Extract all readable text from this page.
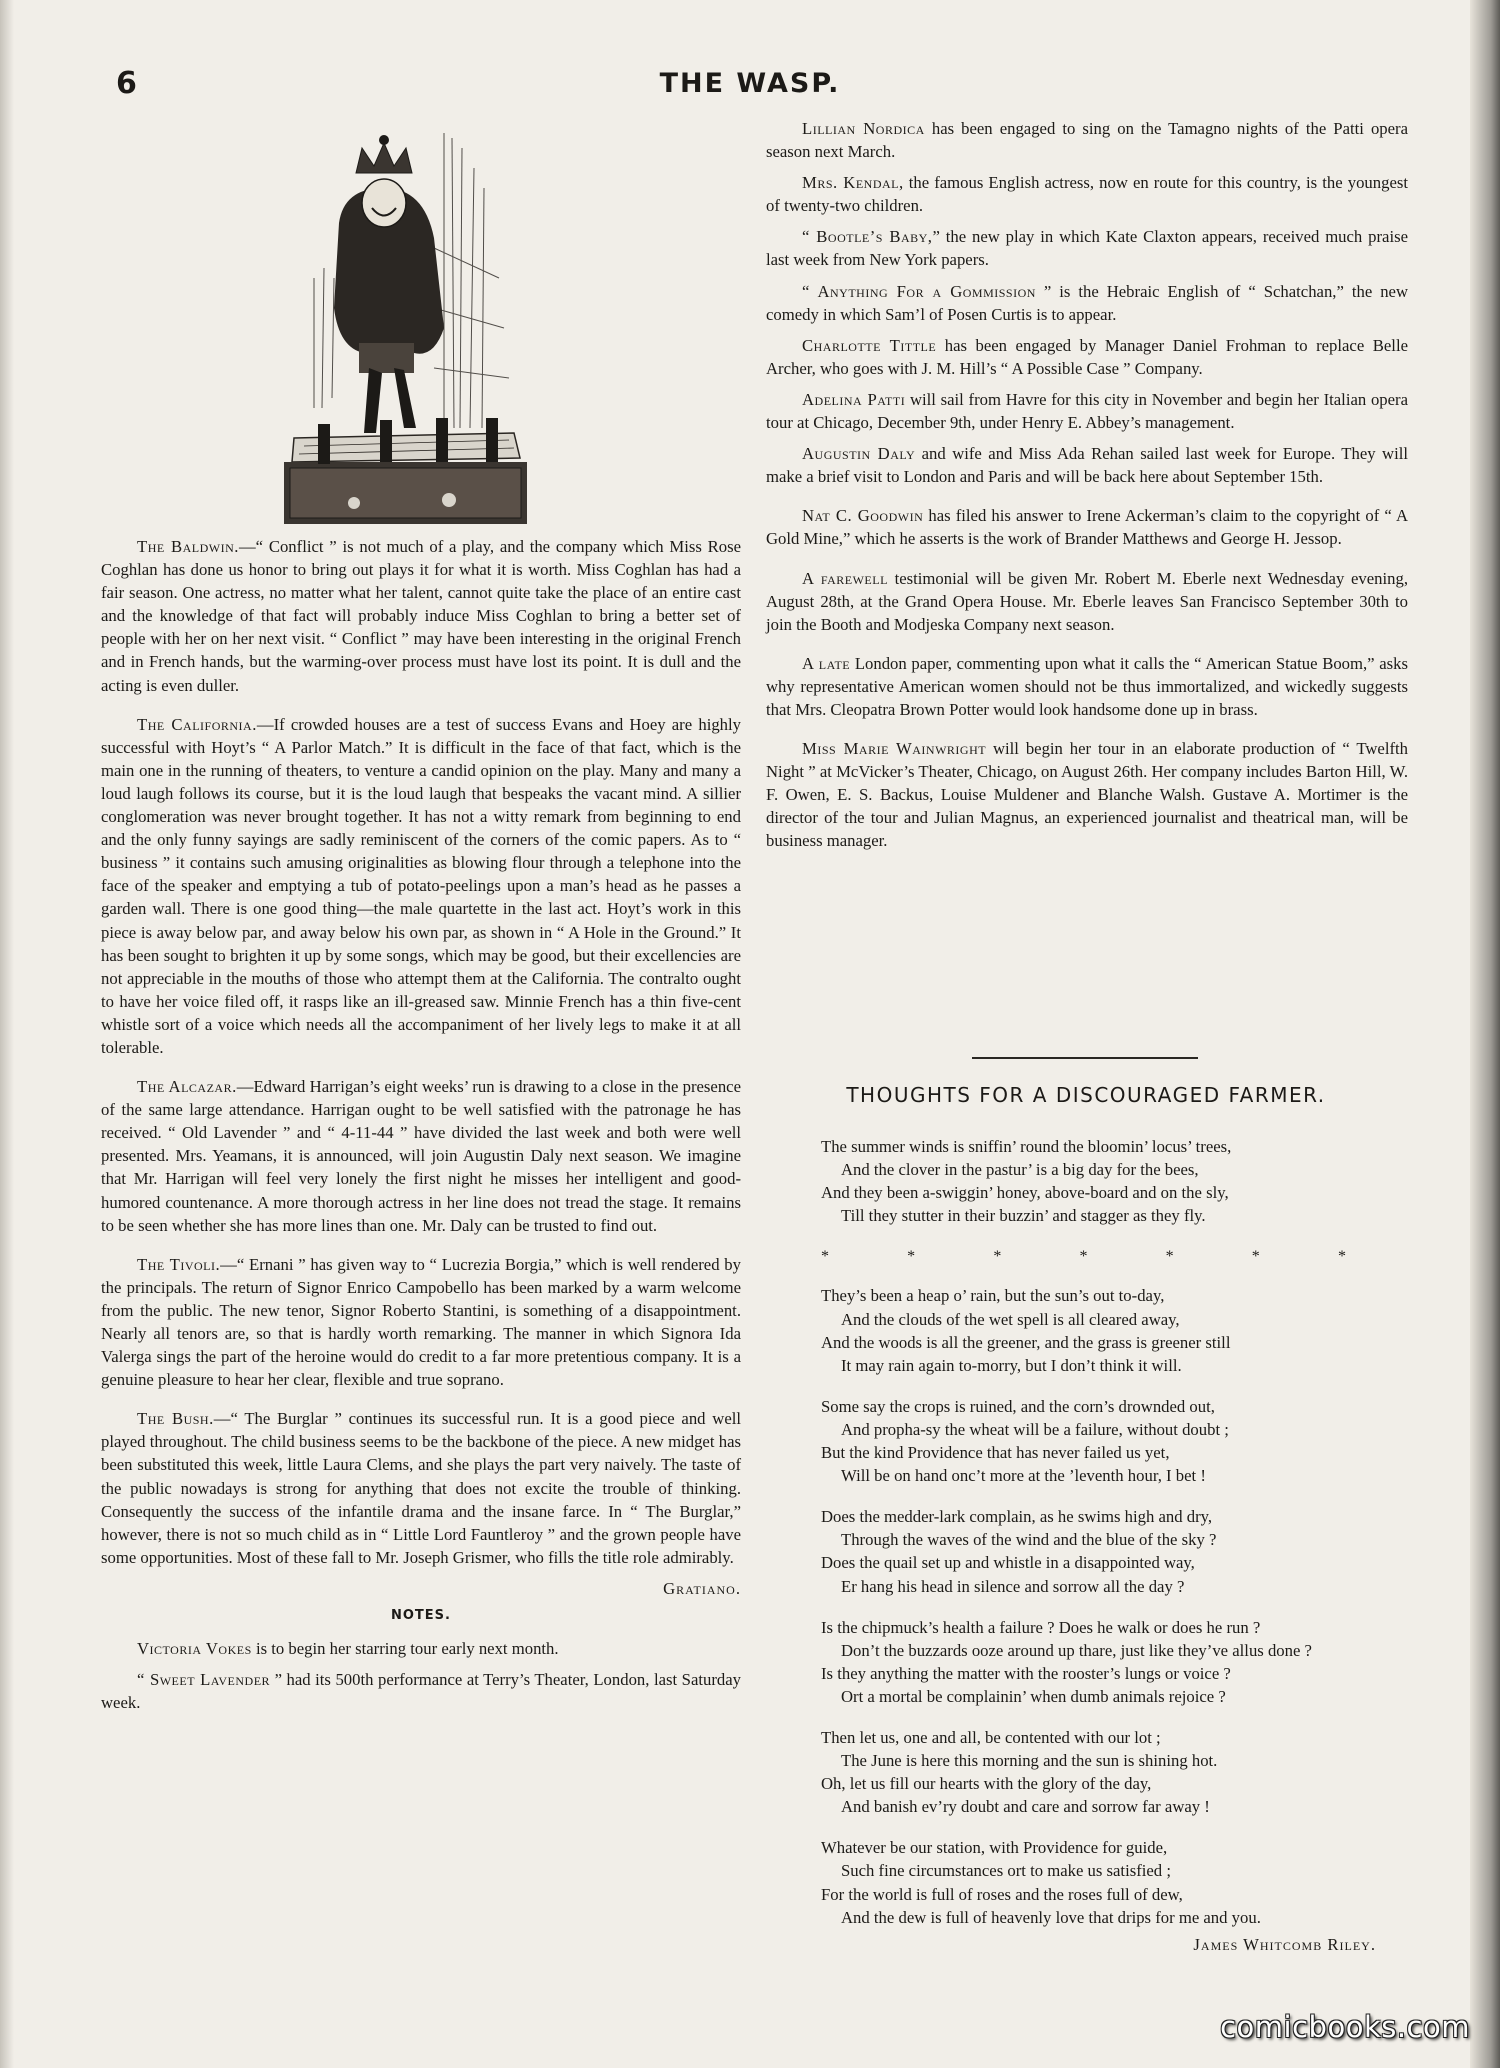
6	THE WASP.

The Baldwin.—“ Conflict ” is not much of a play, and the company which Miss Rose Coghlan has done us honor to bring out plays it for what it is worth. Miss Coghlan has had a fair season. One actress, no matter what her talent, cannot quite take the place of an entire cast and the knowledge of that fact will probably induce Miss Coghlan to bring a better set of people with her on her next visit. “ Conflict ” may have been interesting in the original French and in French hands, but the warming-over process must have lost its point. It is dull and the acting is even duller.

The California.—If crowded houses are a test of success Evans and Hoey are highly successful with Hoyt’s “ A Parlor Match.” It is difficult in the face of that fact, which is the main one in the running of theaters, to venture a candid opinion on the play. Many and many a loud laugh follows its course, but it is the loud laugh that bespeaks the vacant mind. A sillier conglomeration was never brought together. It has not a witty remark from beginning to end and the only funny sayings are sadly reminiscent of the corners of the comic papers. As to “ business ” it contains such amusing originalities as blowing flour through a telephone into the face of the speaker and emptying a tub of potato-peelings upon a man’s head as he passes a garden wall. There is one good thing—the male quartette in the last act. Hoyt’s work in this piece is away below par, and away below his own par, as shown in “ A Hole in the Ground.” It has been sought to brighten it up by some songs, which may be good, but their excellencies are not appreciable in the mouths of those who attempt them at the California. The contralto ought to have her voice filed off, it rasps like an ill-greased saw. Minnie French has a thin five-cent whistle sort of a voice which needs all the accompaniment of her lively legs to make it at all tolerable.

The Alcazar.—Edward Harrigan’s eight weeks’ run is drawing to a close in the presence of the same large attendance. Harrigan ought to be well satisfied with the patronage he has received. “ Old Lavender ” and “ 4-11-44 ” have divided the last week and both were well presented. Mrs. Yeamans, it is announced, will join Augustin Daly next season. We imagine that Mr. Harrigan will feel very lonely the first night he misses her intelligent and good-humored countenance. A more thorough actress in her line does not tread the stage. It remains to be seen whether she has more lines than one. Mr. Daly can be trusted to find out.

The Tivoli.—“ Ernani ” has given way to “ Lucrezia Borgia,” which is well rendered by the principals. The return of Signor Enrico Campobello has been marked by a warm welcome from the public. The new tenor, Signor Roberto Stantini, is something of a disappointment. Nearly all tenors are, so that is hardly worth remarking. The manner in which Signora Ida Valerga sings the part of the heroine would do credit to a far more pretentious company. It is a genuine pleasure to hear her clear, flexible and true soprano.

The Bush.—“ The Burglar ” continues its successful run. It is a good piece and well played throughout. The child business seems to be the backbone of the piece. A new midget has been substituted this week, little Laura Clems, and she plays the part very naively. The taste of the public nowadays is strong for anything that does not excite the trouble of thinking. Consequently the success of the infantile drama and the insane farce. In “ The Burglar,” however, there is not so much child as in “ Little Lord Fauntleroy ” and the grown people have some opportunities. Most of these fall to Mr. Joseph Grismer, who fills the title role admirably.

Gratiano.
NOTES.

Victoria Vokes is to begin her starring tour early next month.

“ Sweet Lavender ” had its 500th performance at Terry’s Theater, London, last Saturday week.

Lillian Nordica has been engaged to sing on the Tamagno nights of the Patti opera season next March.

Mrs. Kendal, the famous English actress, now en route for this country, is the youngest of twenty-two children.

“ Bootle’s Baby,” the new play in which Kate Claxton appears, received much praise last week from New York papers.

“ Anything For a Gommission ” is the Hebraic English of “ Schatchan,” the new comedy in which Sam’l of Posen Curtis is to appear.

Charlotte Tittle has been engaged by Manager Daniel Frohman to replace Belle Archer, who goes with J. M. Hill’s “ A Possible Case ” Company.

Adelina Patti will sail from Havre for this city in November and begin her Italian opera tour at Chicago, December 9th, under Henry E. Abbey’s management.

Augustin Daly and wife and Miss Ada Rehan sailed last week for Europe. They will make a brief visit to London and Paris and will be back here about September 15th.

Nat C. Goodwin has filed his answer to Irene Ackerman’s claim to the copyright of “ A Gold Mine,” which he asserts is the work of Brander Matthews and George H. Jessop.

A farewell testimonial will be given Mr. Robert M. Eberle next Wednesday evening, August 28th, at the Grand Opera House. Mr. Eberle leaves San Francisco September 30th to join the Booth and Modjeska Company next season.

A late London paper, commenting upon what it calls the “ American Statue Boom,” asks why representative American women should not be thus immortalized, and wickedly suggests that Mrs. Cleopatra Brown Potter would look handsome done up in brass.

Miss Marie Wainwright will begin her tour in an elaborate production of “ Twelfth Night ” at McVicker’s Theater, Chicago, on August 26th. Her company includes Barton Hill, W. F. Owen, E. S. Backus, Louise Muldener and Blanche Walsh. Gustave A. Mortimer is the director of the tour and Julian Magnus, an experienced journalist and theatrical man, will be business manager.

THOUGHTS FOR A DISCOURAGED FARMER.
The summer winds is sniffin’ round the bloomin’ locus’ trees,
And the clover in the pastur’ is a big day for the bees,
And they been a-swiggin’ honey, above-board and on the sly,
Till they stutter in their buzzin’ and stagger as they fly.
*	*	*	*	*	*	*
They’s been a heap o’ rain, but the sun’s out to-day,
And the clouds of the wet spell is all cleared away,
And the woods is all the greener, and the grass is greener still
It may rain again to-morry, but I don’t think it will.
Some say the crops is ruined, and the corn’s drownded out,
And propha-sy the wheat will be a failure, without doubt ;
But the kind Providence that has never failed us yet,
Will be on hand onc’t more at the ’leventh hour, I bet !
Does the medder-lark complain, as he swims high and dry,
Through the waves of the wind and the blue of the sky ?
Does the quail set up and whistle in a disappointed way,
Er hang his head in silence and sorrow all the day ?
Is the chipmuck’s health a failure ? Does he walk or does he run ?
Don’t the buzzards ooze around up thare, just like they’ve allus done ?
Is they anything the matter with the rooster’s lungs or voice ?
Ort a mortal be complainin’ when dumb animals rejoice ?
Then let us, one and all, be contented with our lot ;
The June is here this morning and the sun is shining hot.
Oh, let us fill our hearts with the glory of the day,
And banish ev’ry doubt and care and sorrow far away !
Whatever be our station, with Providence for guide,
Such fine circumstances ort to make us satisfied ;
For the world is full of roses and the roses full of dew,
And the dew is full of heavenly love that drips for me and you.
James Whitcomb Riley.
comicbooks.com
